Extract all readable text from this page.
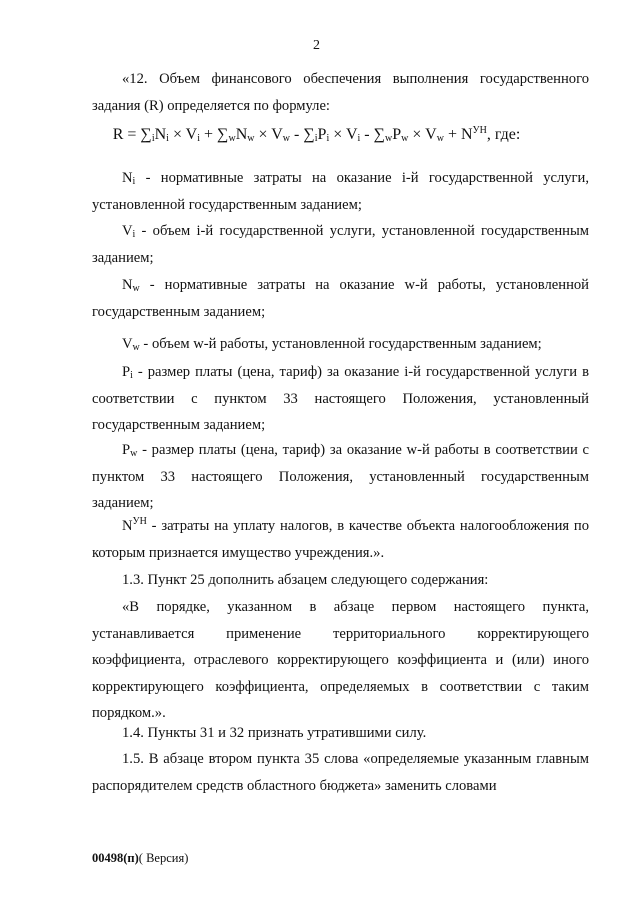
2

«12. Объем финансового обеспечения выполнения государственного задания (R) определяется по формуле:

$R = \sum_iN_i \times V_i + \sum_wN_w \times V_w - \sum_iP_i \times V_i - \sum_wP_w \times V_w + N^{УН}$, где:

$N_i$ - нормативные затраты на оказание i-й государственной услуги, установленной государственным заданием;

$V_i$ - объем i-й государственной услуги, установленной государственным заданием;

$N_w$ - нормативные затраты на оказание w-й работы, установленной государственным заданием;

$V_w$ - объем w-й работы, установленной государственным заданием;

$P_i$ - размер платы (цена, тариф) за оказание i-й государственной услуги в соответствии с пунктом 33 настоящего Положения, установленный государственным заданием;

$P_w$ - размер платы (цена, тариф) за оказание w-й работы в соответствии с пунктом 33 настоящего Положения, установленный государственным заданием;

$N^{УН}$ - затраты на уплату налогов, в качестве объекта налогообложения по которым признается имущество учреждения.».

1.3. Пункт 25 дополнить абзацем следующего содержания:

«В порядке, указанном в абзаце первом настоящего пункта, устанавливается применение территориального корректирующего коэффициента, отраслевого корректирующего коэффициента и (или) иного корректирующего коэффициента, определяемых в соответствии с таким порядком.».

1.4. Пункты 31 и 32 признать утратившими силу.

1.5. В абзаце втором пункта 35 слова «определяемые указанным главным распорядителем средств областного бюджета» заменить словами

00498(п)( Версия)
